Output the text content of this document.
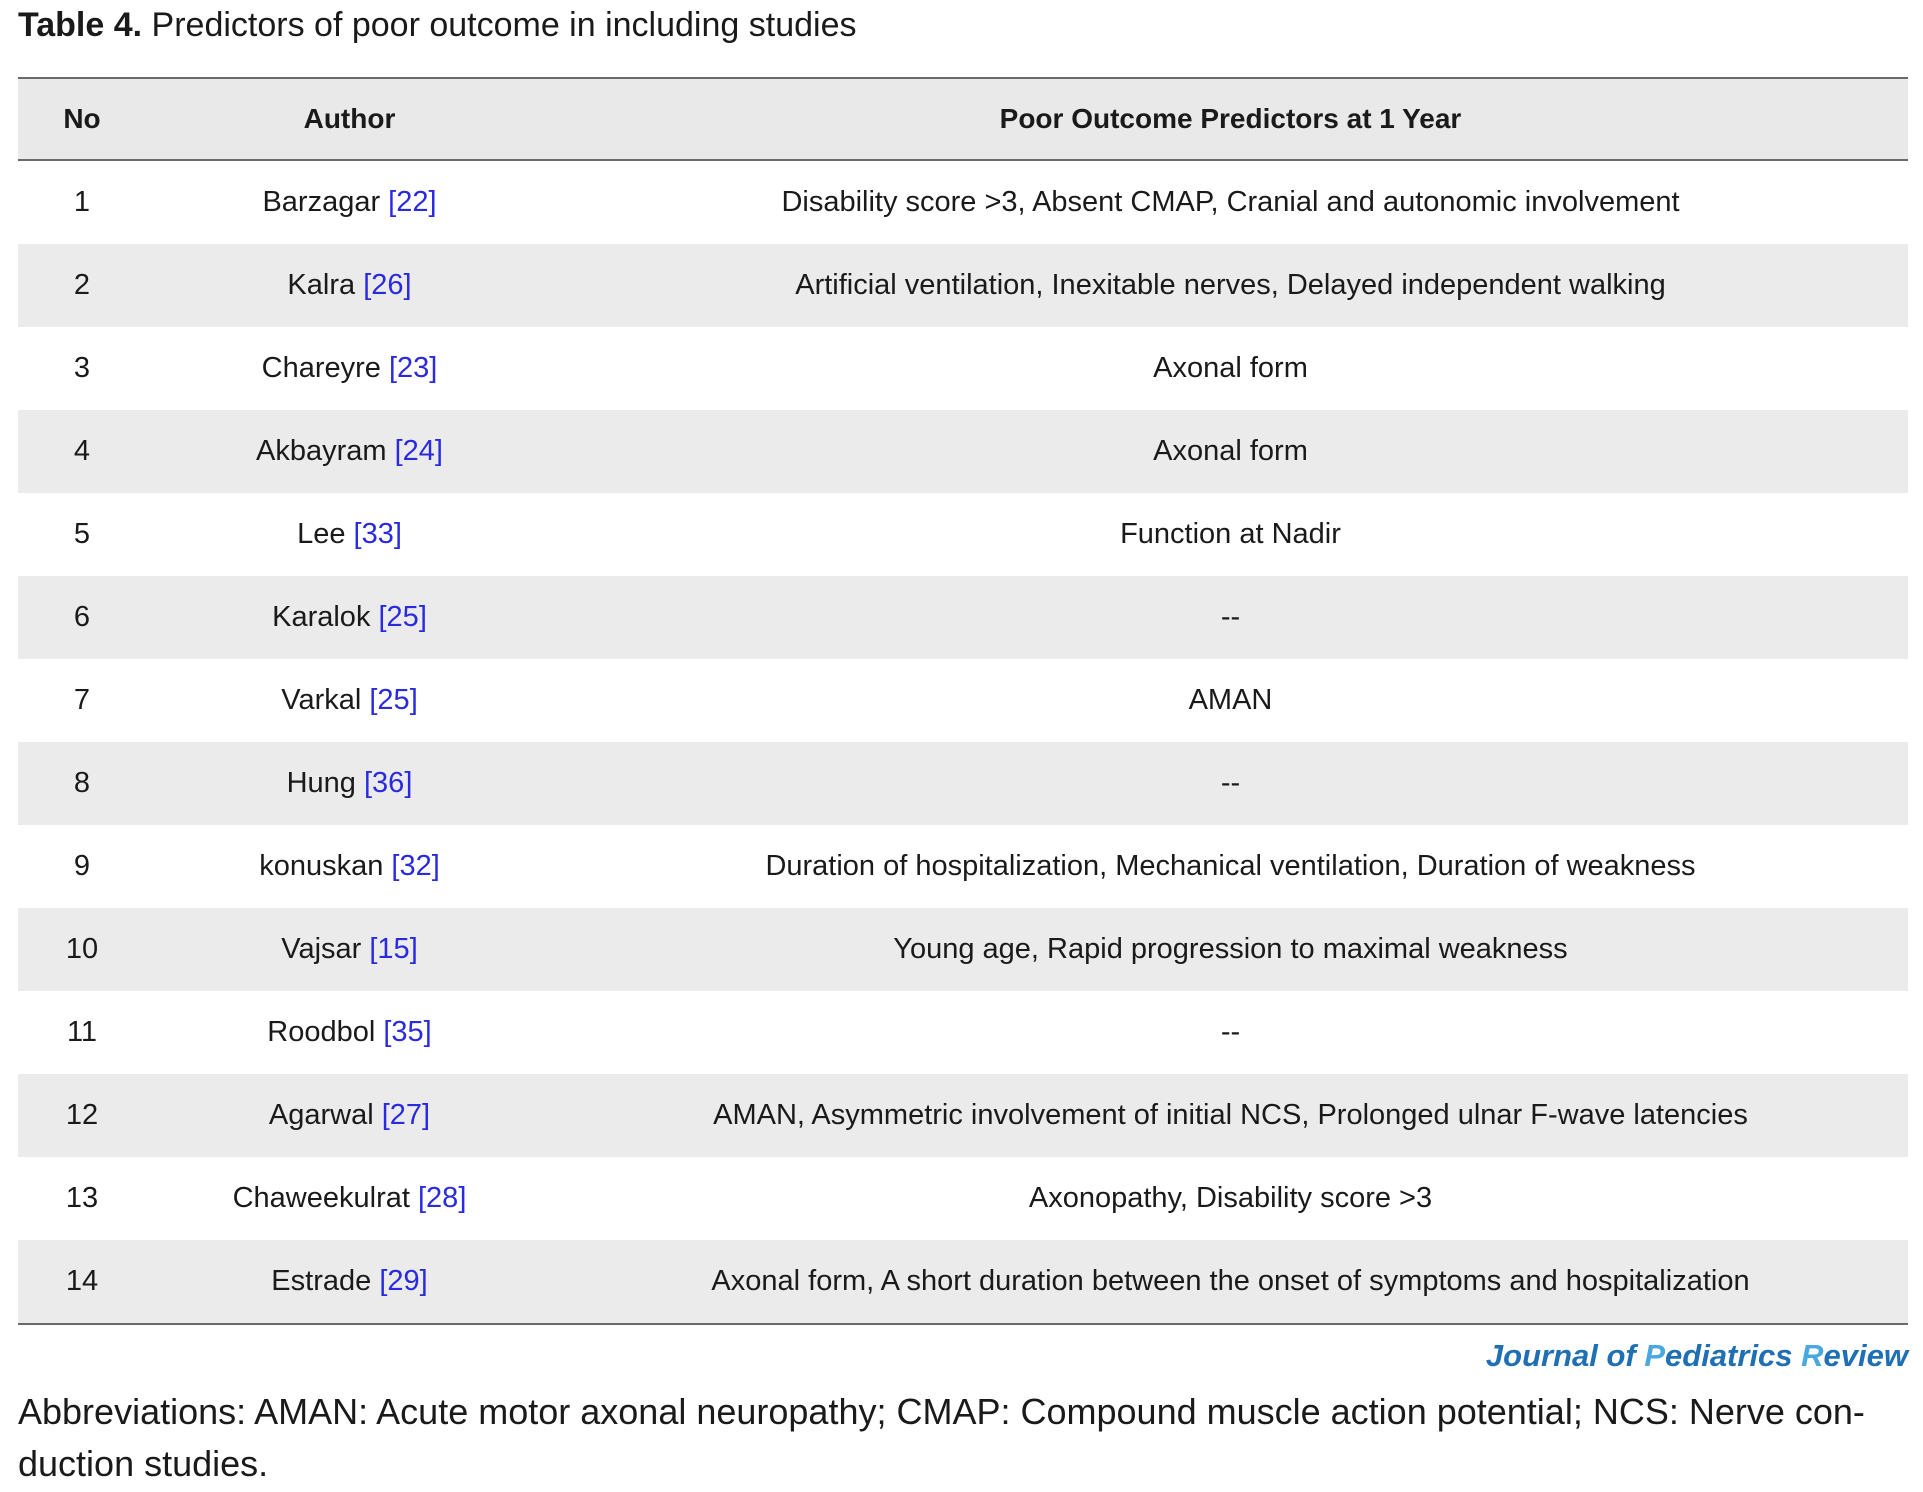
Table 4. Predictors of poor outcome in including studies
No	Author	Poor Outcome Predictors at 1 Year
1	Barzagar [22]	Disability score >3, Absent CMAP, Cranial and autonomic involvement
2	Kalra [26]	Artificial ventilation, Inexitable nerves, Delayed independent walking
3	Chareyre [23]	Axonal form
4	Akbayram [24]	Axonal form
5	Lee [33]	Function at Nadir
6	Karalok [25]	--
7	Varkal [25]	AMAN
8	Hung [36]	--
9	konuskan [32]	Duration of hospitalization, Mechanical ventilation, Duration of weakness
10	Vajsar [15]	Young age, Rapid progression to maximal weakness
11	Roodbol [35]	--
12	Agarwal [27]	AMAN, Asymmetric involvement of initial NCS, Prolonged ulnar F-wave latencies
13	Chaweekulrat [28]	Axonopathy, Disability score >3
14	Estrade [29]	Axonal form, A short duration between the onset of symptoms and hospitalization
Journal of Pediatrics Review
Abbreviations: AMAN: Acute motor axonal neuropathy; CMAP: Compound muscle action potential; NCS: Nerve con- duction studies.
